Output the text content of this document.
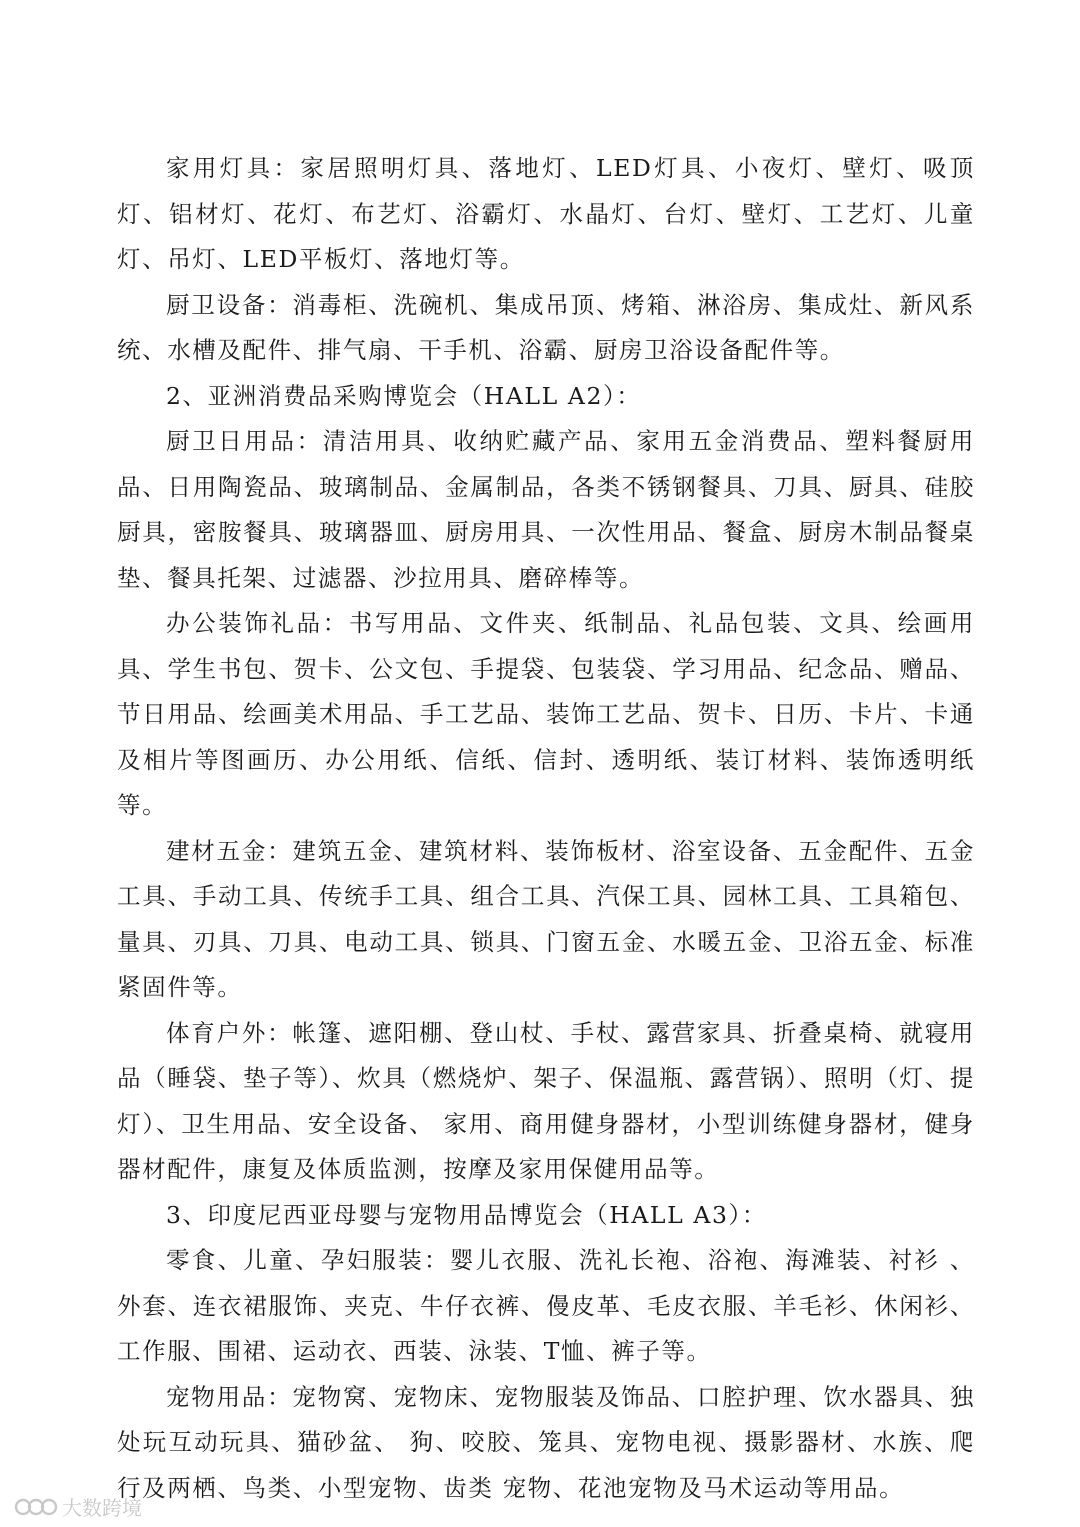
家用灯具：家居照明灯具、落地灯、LED灯具、小夜灯、壁灯、吸顶灯、铝材灯、花灯、布艺灯、浴霸灯、水晶灯、台灯、壁灯、工艺灯、儿童灯、吊灯、LED平板灯、落地灯等。

厨卫设备：消毒柜、洗碗机、集成吊顶、烤箱、淋浴房、集成灶、新风系统、水槽及配件、排气扇、干手机、浴霸、厨房卫浴设备配件等。

2、亚洲消费品采购博览会（HALL A2）：

厨卫日用品：清洁用具、收纳贮藏产品、家用五金消费品、塑料餐厨用品、日用陶瓷品、玻璃制品、金属制品，各类不锈钢餐具、刀具、厨具、硅胶厨具，密胺餐具、玻璃器皿、厨房用具、一次性用品、餐盒、厨房木制品餐桌垫、餐具托架、过滤器、沙拉用具、磨碎棒等。

办公装饰礼品：书写用品、文件夹、纸制品、礼品包装、文具、绘画用具、学生书包、贺卡、公文包、手提袋、包装袋、学习用品、纪念品、赠品、节日用品、绘画美术用品、手工艺品、装饰工艺品、贺卡、日历、卡片、卡通及相片等图画历、办公用纸、信纸、信封、透明纸、装订材料、装饰透明纸等。

建材五金：建筑五金、建筑材料、装饰板材、浴室设备、五金配件、五金工具、手动工具、传统手工具、组合工具、汽保工具、园林工具、工具箱包、量具、刃具、刀具、电动工具、锁具、门窗五金、水暖五金、卫浴五金、标准紧固件等。

体育户外：帐篷、遮阳棚、登山杖、手杖、露营家具、折叠桌椅、就寝用品（睡袋、垫子等）、炊具（燃烧炉、架子、保温瓶、露营锅）、照明（灯、提灯）、卫生用品、安全设备、 家用、商用健身器材，小型训练健身器材，健身器材配件，康复及体质监测，按摩及家用保健用品等。

3、印度尼西亚母婴与宠物用品博览会（HALL A3）：

零食、儿童、孕妇服装：婴儿衣服、洗礼长袍、浴袍、海滩装、衬衫 、外套、连衣裙服饰、夹克、牛仔衣裤、僈皮革、毛皮衣服、羊毛衫、休闲衫、工作服、围裙、运动衣、西装、泳装、T恤、裤子等。

宠物用品：宠物窝、宠物床、宠物服装及饰品、口腔护理、饮水器具、独处玩互动玩具、猫砂盆、 狗、咬胶、笼具、宠物电视、摄影器材、水族、爬行及两栖、鸟类、小型宠物、齿类 宠物、花池宠物及马术运动等用品。

大数跨境
